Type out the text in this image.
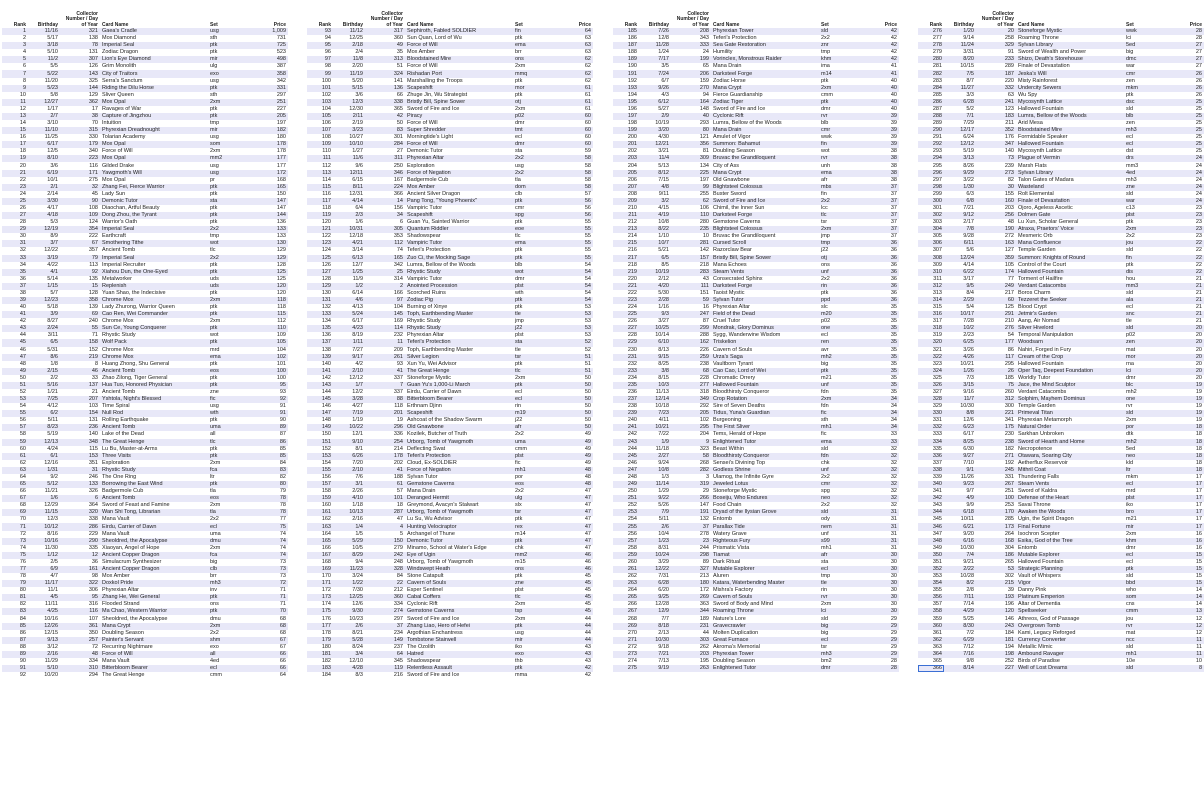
Rank	Birthday	Collector Number / Day of Year	Card Name	Set	Price
1	11/16	321	Gaea's Cradle	usg	1,009
2	5/17	138	Mox Diamond	sth	731
3	3/18	78	Imperial Seal	ptk	725
4	5/10	131	Zodiac Dragon	ptk	523
5	11/2	307	Lion's Eye Diamond	mir	498
6	5/5	126	Grim Monolith	ulg	387
7	5/22	143	City of Traitors	exo	358
8	11/20	325	Serra's Sanctum	usg	342
9	5/23	144	Riding the Dilu Horse	ptk	331
10	5/8	129	Sliver Queen	sth	297
11	12/27	362	Mox Opal	2xm	251
12	1/17	17	Ravages of War	ptk	227
13	2/7	38	Capture of Jingzhou	ptk	205
14	3/10	70	Intuition	tmp	197
15	11/10	315	Phyrexian Dreadnought	mir	182
16	11/25	330	Tolarian Academy	usg	180
17	6/17	179	Mox Opal	som	178
18	12/5	340	Force of Will	2xm	178
19	8/10	223	Mox Opal	mm2	177
20	3/6	116	Gilded Drake	usg	177
21	6/19	171	Yawgmoth's Will	usg	172
22	10/1	275	Mox Opal	pr	168
23	2/1	32	Zhang Fei, Fierce Warrior	ptk	165
24	2/14	45	Lady Sun	ptk	150
25	3/30	90	Demonic Tutor	sta	147
26	4/17	108	Diaochan, Artful Beauty	ptk	147
27	4/18	109	Dong Zhou, the Tyrant	ptk	144
28	5/3	124	Warrior's Oath	ptk	136
29	12/19	354	Imperial Seal	2x2	133
30	8/9	222	Earthcraft	tmp	133
31	3/7	67	Smothering Tithe	wot	130
32	12/22	357	Ancient Tomb	tlc	129
33	3/19	79	Imperial Seal	2x2	129
34	4/22	113	Imperial Recruiter	ptk	128
35	4/1	92	Xiahou Dun, the One-Eyed	ptk	125
36	5/14	135	Metalworker	uds	125
37	1/15	15	Replenish	uds	120
38	5/7	128	Yuan Shao, the Indecisive	ptk	120
39	12/23	358	Chrome Mox	2xm	118
40	5/18	139	Lady Zhurong, Warrior Queen	ptk	118
41	3/9	69	Cao Ren, Wei Commander	ptk	115
42	8/27	240	Chrome Mox	2xm	112
43	2/24	55	Sun Ce, Young Conquerer	ptk	110
44	3/11	71	Rhystic Study	wot	109
45	6/5	158	Wolf Pack	ptk	105
46	5/31	152	Chrome Mox	mrd	104
47	8/6	219	Chrome Mox	ema	102
48	1/8	8	Huang Zhong, Shu General	ptk	101
49	2/15	46	Ancient Tomb	eos	100
50	2/2	33	Zhao Zilong, Tiger General	ptk	100
51	5/16	137	Hua Tuo, Honored Physician	ptk	95
52	1/21	21	Ancient Tomb	zne	93
53	7/25	207	Yshtola, Night's Blessed	fic	92
54	4/12	103	Time Spiral	usg	91
55	6/2	154	Null Rod	wth	91
56	5/11	131	Rolling Earthquake	ptk	90
57	8/23	236	Ancient Tomb	uma	89
58	5/19	140	Lake of the Dead	all	87
59	12/13	348	The Great Henge	tlc	86
60	4/24	115	Lu Bu, Master-at-Arms	ptk	85
61	6/1	153	Three Visits	ptk	85
62	12/16	351	Exploration	2xm	84
63	1/31	31	Rhystic Study	fca	83
64	9/2	246	The One Ring	ltr	82
65	5/12	133	Borrowing the East Wind	ptk	80
66	11/21	326	Badgermole Cub	tla	79
67	1/6	6	Ancient Tomb	eos	78
68	12/29	364	Sword of Feast and Famine	2xm	78
69	11/15	320	Wan Shi Tong, Librarian	tla	78
70	12/3	338	Mana Vault	2x2	77
71	10/12	286	Eirdu, Carrier of Dawn	ecl	75
72	8/16	229	Mana Vault	uma	74
73	10/16	290	Sheoldred, the Apocalypse	dmu	74
74	11/30	335	Xiaoyan, Angel of Hope	2xm	74
75	1/12	12	Ancient Copper Dragon	fca	74
76	2/5	36	Simulacrum Synthesizer	big	73
77	6/9	161	Ancient Copper Dragon	clb	73
78	4/7	98	Mox Amber	brr	73
79	11/17	322	Doxkol Pride	mh3	72
80	11/1	306	Phyrexian Altar	inv	71
81	4/5	95	Zhang He, Wei General	ptk	71
82	11/11	316	Flooded Strand	ons	71
83	4/25	116	Ma Chao, Western Warrior	ptk	70
84	10/16	107	Sheoldred, the Apocalypse	dmu	68
85	12/26	361	Mana Crypt	2xm	68
86	12/15	350	Doubling Season	2x2	68
87	9/13	257	Painter's Servant	shm	67
88	3/12	72	Recurring Nightmare	exo	67
89	2/16	48	Force of Will	all	66
90	11/29	334	Mana Vault	4ed	66
91	5/10	310	Bitterbloom Bearer	ecl	66
92	10/20	294	The Great Henge	cmm	64
Rank	Birthday	Collector Number / Day of Year	Card Name	Set	Price
93	11/12	317	Sephiroth, Fabled SOLDIER	fin	64
94	12/25	360	Sun Quan, Lord of Wu	ptk	63
95	2/18	49	Force of Will	ema	63
96	2/4	35	Mox Amber	brr	63
97	11/8	313	Bloodstained Mire	ons	62
98	2/20	51	Force of Will	2xm	62
99	11/19	324	Rishadan Port	mmq	62
100	5/20	141	Marshalling the Troops	ptk	62
101	5/15	136	Scapeshift	mor	61
102	3/6	66	Zhuge Jin, Wu Strategist	ptk	61
103	12/3	338	Bristly Bill, Spine Sower	otj	61
104	12/30	365	Sword of Fire and Ice	2xm	61
105	2/11	42	Piracy	p02	60
106	2/19	50	Force of Will	dmr	60
107	3/23	83	Super Shredder	tmt	60
108	10/27	301	Morningtide's Light	ecl	60
109	10/10	284	Force of Will	dmr	60
110	1/27	27	Demonic Tutor	sta	59
111	11/6	311	Phyrexian Altar	2x2	58
112	9/6	250	Exploration	usg	58
113	12/11	346	Force of Negation	2x2	58
114	6/15	167	Badgermole Cub	tla	58
115	8/11	224	Mox Amber	dom	58
116	12/31	366	Ancient Silver Dragon	clb	57
117	4/14	14	Pang Tong, "Young Phoenix"	ptk	56
118	6/4	156	Vampiric Tutor	cmr	56
119	2/3	34	Scapeshift	spg	56
120	1/6	6	Guan Yu, Sainted Warrior	ptk	55
121	10/31	305	Quantum Riddler	eoe	55
122	12/18	353	Shadowspear	tlc	55
123	4/21	112	Vampiric Tutor	ema	55
124	3/14	74	Teferi's Protection	ptk	55
125	6/13	165	Zuo Ci, the Mocking Sage	ptk	55
126	12/7	342	Lumra, Bellow of the Woods	blb	54
127	1/25	25	Rhystic Study	wot	54
128	11/9	314	Vampiric Tutor	dmr	54
129	1/2	2	Anointed Procession	plst	54
130	6/14	166	Scorched Ruins	wth	54
131	4/6	97	Zodiac Pig	ptk	54
132	4/13	104	Burning of Xinye	ptk	53
133	5/24	145	Toph, Earthbending Master	tle	53
134	6/17	169	Rhystic Study	jmp	53
135	4/23	114	Rhystic Study	j22	53
136	8/19	232	Phyrexian Altar	plst	53
137	1/11	11	Teferi's Protection	sta	52
138	7/27	209	Toph, Earthbending Master	tle	52
139	9/17	261	Silver Legion	tsr	51
140	4/2	93	Xun Yu, Wei Advisor	ptk	51
141	2/10	41	The Great Henge	tlc	51
142	12/12	337	Stoneforge Mystic	2xm	50
143	1/7	7	Guan Yu's 1,000-Li March	ptk	50
144	12/2	337	Eirdu, Carrier of Dawn	ecl	50
145	3/28	88	Bitterbloom Bearer	ecl	50
146	4/27	118	Erthnam Djinn	rin	50
147	7/19	201	Scapeshift	m19	50
148	1/19	19	Ashcoat of the Shadow Swarm	j22	50
149	10/22	296	Old Gnawbone	afr	50
150	12/1	336	Kozilek, Butcher of Truth	2x2	49
151	9/10	254	Urborg, Tomb of Yawgmoth	uma	49
152	8/1	214	Deflecting Swat	cmm	49
153	6/26	178	Teferi's Protection	plst	49
154	7/20	202	Cloud, Ex-SOLDIER	fic	49
155	2/10	41	Force of Negation	mh1	48
156	7/6	188	Sylvan Tutor	por	48
157	3/1	61	Gemstone Caverns	eos	48
158	2/26	57	Mana Drain	2x2	47
159	4/10	101	Deranged Hermit	ulg	47
160	1/18	18	Greymond, Avacyn's Stalwart	slx	47
161	10/13	287	Urborg, Tomb of Yawgmoth	tsr	47
162	2/16	47	Lu Su, Wu Advisor	ptk	47
163	1/4	4	Hunting Velociraptor	rex	47
164	1/5	5	Archangel of Thune	m14	47
165	5/29	150	Demonic Tutor	ptk	47
166	10/5	279	Minamo, School at Water's Edge	chk	47
167	8/29	242	Eye of Ugin	mm2	46
168	9/4	248	Urborg, Tomb of Yawgmoth	m15	46
169	11/23	328	Windswept Heath	ons	46
170	3/24	84	Stone Catapult	ptk	45
171	1/22	22	Cavern of Souls	zne	45
172	7/30	212	Esper Sentinel	plst	45
173	12/25	360	Cabal Coffers	tlc	45
174	12/6	334	Cyclonic Rift	2xm	45
175	9/30	274	Gemstone Caverns	tsp	45
176	10/23	297	Sword of Fire and Ice	2xm	44
177	2/6	37	Zhang Liao, Hero of Hefei	ptk	44
178	8/21	234	Argothian Enchantress	usg	44
179	5/28	149	Tombstone Stairwell	mir	44
180	8/24	237	The Ozolith	iko	43
181	3/4	64	Hatred	exo	43
182	12/10	345	Shadowspear	thb	43
183	4/28	119	Relentless Assault	ptk	42
184	8/3	216	Sword of Fire and Ice	mma	42
Rank	Birthday	Collector Number / Day of Year	Card Name	Set	Price
185	7/26	208	Phyrexian Tower	sld	42
186	12/8	343	Teferi's Protection	2x2	42
187	11/28	333	Sea Gate Restoration	znr	42
188	1/24	24	Humility	tmp	42
189	7/17	199	Vorinclex, Monstrous Raider	khm	42
190	3/5	65	Mana Drain	ima	41
191	7/24	206	Darksteel Forge	m14	41
192	6/7	159	Zodiac Horse	ptk	40
193	9/26	270	Mana Crypt	2xm	40
194	4/3	94	Fierce Guardianship	cmm	40
195	6/12	164	Zodiac Tiger	ptk	40
196	5/27	148	Sword of Fire and Ice	dmr	40
197	2/9	40	Cyclonic Rift	rvr	39
198	10/19	293	Lumra, Bellow of the Woods	blb	39
199	3/20	80	Mana Drain	cmr	39
200	4/30	121	Amulet of Vigor	wwk	39
201	12/21	356	Summon: Bahamut	fin	39
202	3/21	81	Doubling Season	wot	38
203	11/4	309	Bruvac the Grandiloquent	rvr	38
204	5/13	134	City of Ass	unh	38
205	8/12	225	Mana Crypt	ema	38
206	7/15	197	Old Gnawbone	afr	38
207	4/8	99	Blightsteel Colossus	mbs	37
208	9/11	255	Buster Sword	fin	37
209	3/2	62	Sword of Fire and Ice	2x2	37
210	4/15	106	Chimil, the Inner Sun	lcc	37
211	4/19	110	Darksteel Forge	tlc	37
212	10/8	280	Gemstone Caverns	tsr	37
213	8/22	235	Blightsteel Colossus	2xm	37
214	1/10	10	Bruvac the Grandiloquent	jmp	37
215	10/7	281	Cursed Scroll	tmp	36
216	5/21	142	Razorclaw Bear	j22	36
217	6/5	157	Bristly Bill, Spine Sower	otj	36
218	8/5	218	Mana Echoes	ons	36
219	10/19	283	Steam Vents	unf	36
220	2/12	43	Consecrated Sphinx	2x2	36
221	4/20	111	Darksteel Forge	rin	36
222	5/30	151	Taoist Mystic	ptk	36
223	2/28	59	Sylvan Tutor	ppd	36
224	1/16	16	Phyrexian Altar	slc	35
225	9/3	247	Field of the Dead	m20	35
226	3/27	87	Cruel Tutor	p02	35
227	10/25	299	Mondrak, Glory Dominus	one	35
228	10/14	288	Sygg, Wanderwine Wisdom	ecl	35
229	6/10	162	Triskelion	ren	35
230	8/13	226	Cavern of Souls	avr	35
231	9/15	259	Urza's Saga	mh2	35
232	8/25	238	Vaultborn Tyrant	big	35
233	3/8	68	Cao Cao, Lord of Wei	ptk	35
234	8/15	228	Chromatic Orrery	m21	35
235	10/3	277	Hallowed Fountain	unf	35
236	11/13	318	Bloodthirsty Conqueror	fdn	35
237	12/14	349	Crop Rotation	2xm	34
238	10/18	292	Sire of Seven Deaths	fdn	34
239	7/23	205	Tidus, Yuna's Guardian	fic	34
240	4/11	102	Burgeoning	sth	34
241	10/21	295	The First Sliver	mh1	34
242	7/22	204	Tems, Herald of Hope	fic	33
243	1/9	9	Enlightened Tutor	ema	33
244	11/18	323	Beast Within	sld	32
245	2/27	58	Bloodthirsty Conqueror	fdn	32
246	9/24	268	Sensei's Divining Top	chk	32
247	10/8	282	Godless Shrine	unf	32
248	1/3	3	Ulamog, the Infinite Gyre	2x2	32
249	11/14	319	Jeweled Lotus	cmr	32
250	1/29	29	Stoneforge Mystic	spg	32
251	9/22	266	Boseiju, Who Endures	neo	32
252	5/26	147	Food Chain	2x2	32
253	7/9	191	Dryad of the Ilysian Grove	sld	31
254	5/11	132	Entomb	ody	31
255	2/6	37	Parallax Tide	nem	31
256	10/4	278	Watery Grave	unf	31
257	1/23	23	Righteous Fury	s99	31
258	8/31	244	Prismatic Vista	mh1	31
259	10/24	298	Tiamat	afr	30
260	3/29	89	Dark Ritual	sta	30
261	12/22	327	Mutable Explorer	ecl	30
262	7/31	213	Aluren	tmp	30
263	6/28	180	Katara, Waterbending Master	tle	30
264	6/20	172	Mishra's Factory	rin	30
265	9/25	269	Cavern of Souls	rvr	30
266	12/28	363	Sword of Body and Mind	2xm	30
267	12/9	344	Roaming Throne	lci	30
268	7/7	189	Nature's Lore	sld	29
269	8/18	231	Gravecrawler	big	29
270	2/13	44	Molten Duplication	big	29
271	10/30	303	Great Furnace	ecl	29
272	9/18	262	Akroma's Memorial	tsr	29
273	7/21	203	Phyrexian Tower	mh3	29
274	7/13	195	Doubling Season	bm2	28
275	9/19	263	Enlightened Tutor	dmr	28
Rank	Birthday	Collector Number / Day of Year	Card Name	Set	Price
276	1/20	20	Stoneforge Mystic	wwk	28
277	9/14	258	Roaming Throne	lci	28
278	11/24	329	Sylvan Library	5ed	27
279	3/31	91	Sword of Wealth and Power	big	27
280	8/20	233	Shizo, Death's Storehouse	dmc	27
281	10/15	289	Finale of Devastation	war	27
282	7/5	187	Jeska's Will	cmr	26
283	8/7	220	Misty Rainforest	zen	26
284	11/27	332	Undercity Sewers	mkm	26
285	3/3	63	Wu Spy	ptk	26
286	6/28	241	Mycosynth Lattice	dsc	25
287	5/2	123	Hallowed Fountain	sld	25
288	7/1	183	Lumra, Bellow of the Woods	blb	25
289	7/29	211	Arid Mesa	zen	25
290	12/17	352	Bloodstained Mire	mh3	25
291	6/24	176	Formidable Speaker	ecl	25
292	12/12	347	Hallowed Fountain	ecl	25
293	5/19	140	Mycosynth Lattice	dst	25
294	3/13	73	Plague of Vermin	drs	24
295	8/26	239	Marsh Flats	mm3	24
296	9/29	273	Sylvan Library	4ed	24
297	3/22	82	Talon Gates of Madara	mh3	24
298	1/30	30	Wasteland	zne	24
299	6/3	155	Rolt Elemental	sld	24
300	6/8	160	Finale of Devastation	war	24
301	7/21	203	Ojoro, Ageless Ascetic	c13	23
302	9/12	256	Dolmen Gate	plst	23
303	2/17	48	Lu Xun, Scholar General	ptk	23
304	7/8	190	Atraxa, Praetors' Voice	2xm	23
305	9/28	272	Mesmeric Orb	2x2	23
306	6/11	163	Mana Confluence	jou	22
307	5/6	127	Temple Garden	sld	22
308	12/24	359	Summon: Knights of Round	fin	22
309	4/14	105	Control of the Court	ptk	22
310	6/22	174	Hallowed Fountain	dis	22
311	3/17	77	Torment of Hailfire	hou	21
312	9/5	249	Verdant Catacombs	mm3	21
313	8/4	217	Boros Charm	sld	21
314	2/29	60	Tezzeret the Seeker	ala	21
315	5/4	125	Blood Crypt	ecl	21
316	10/17	291	Jetmir's Garden	snc	21
317	7/28	210	Aang, Air Nomad	tle	21
318	10/2	276	Sliver Hivelord	sld	20
319	2/23	54	Temporal Manipulation	p02	20
320	6/25	177	Woodsarn	zen	20
321	3/26	86	Nahiri, Forged in Fury	mat	20
322	4/26	117	Cream of the Crop	mor	20
323	10/21	295	Hallowed Fountain	rna	20
324	1/26	26	Oper Taq, Deepest Foundation	lci	20
325	7/3	185	Worldly Tutor	dmr	20
326	3/15	75	Jace, the Mind Sculptor	blc	19
327	9/16	260	Verdant Catacombs	mh2	19
328	11/7	312	Solphim, Mayhem Dominus	one	19
329	10/30	300	Temple Garden	rvr	19
330	8/8	221	Primeval Titan	sld	19
331	12/6	341	Phyrexian Metamorph	2xm	19
332	6/23	175	Natural Order	por	18
333	6/17	230	Sarkhan Unbroken	dtk	18
334	8/25	238	Sword of Hearth and Home	mh2	18
335	6/30	182	Necropotence	5ed	18
336	9/27	271	Otawara, Soaring City	neo	18
337	7/10	192	Aetherflux Reservoir	kld	18
338	9/1	245	Mithril Coat	ltr	18
339	11/26	331	Thundering Falls	mkm	17
340	9/23	267	Steam Vents	ecl	17
341	9/7	251	Sword of Kaldra	mrd	17
342	4/9	100	Defense of the Heart	plst	17
343	9/9	253	Savai Throne	iko	17
344	6/18	170	Awaken the Woods	bro	17
345	10/11	285	Ugin, the Spirit Dragon	m21	17
346	6/21	173	Final Fortune	mir	17
347	9/20	264	Isochron Scepter	2xm	16
348	6/16	168	Esika, God of the Tree	khm	16
349	10/30	304	Entomb	dmr	16
350	7/4	186	Mutable Explorer	ecl	15
351	9/21	265	Hallowed Fountain	ecl	15
352	2/22	53	Strategic Planning	ptk	15
353	10/28	302	Vault of Whispers	sld	15
354	8/2	215	Vigor	bbd	15
355	2/8	39	Danny Pink	who	14
356	7/11	193	Platinum Emperion	som	14
357	7/14	196	Altar of Dementia	cns	14
358	4/29	120	Spellseeker	cmm	13
359	5/25	146	Athreos, God of Passage	jou	12
360	8/30	243	Overgrown Tomb	rvr	12
361	7/2	184	Kami, Legacy Reforged	mat	12
362	6/29	181	Currency Converter	ncc	11
363	7/12	194	Metallic Mimic	sld	11
364	7/16	198	Ambound Ravager	mh1	11
365	9/8	252	Birds of Paradise	10e	10
366	8/14	227	Well of Lost Dreams	sld	8
